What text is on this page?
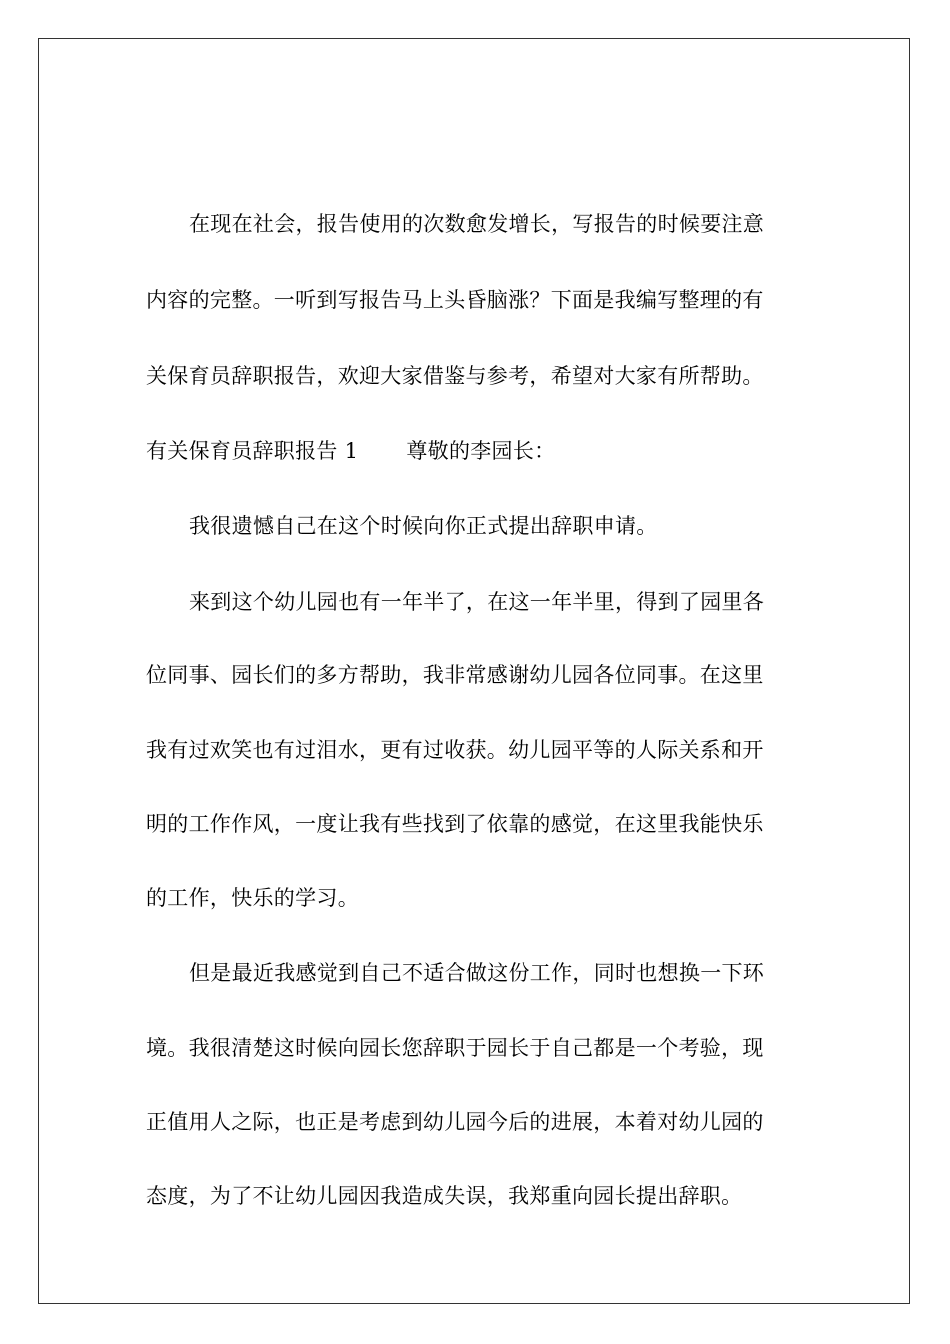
在现在社会，报告使用的次数愈发增长，写报告的时候要注意
内容的完整。一听到写报告马上头昏脑涨？下面是我编写整理的有
关保育员辞职报告，欢迎大家借鉴与参考，希望对大家有所帮助。
有关保育员辞职报告 1 尊敬的李园长：
我很遗憾自己在这个时候向你正式提出辞职申请。
来到这个幼儿园也有一年半了，在这一年半里，得到了园里各
位同事、园长们的多方帮助，我非常感谢幼儿园各位同事。在这里
我有过欢笑也有过泪水，更有过收获。幼儿园平等的人际关系和开
明的工作作风，一度让我有些找到了依靠的感觉，在这里我能快乐
的工作，快乐的学习。
但是最近我感觉到自己不适合做这份工作，同时也想换一下环
境。我很清楚这时候向园长您辞职于园长于自己都是一个考验，现
正值用人之际，也正是考虑到幼儿园今后的进展，本着对幼儿园的
态度，为了不让幼儿园因我造成失误，我郑重向园长提出辞职。
